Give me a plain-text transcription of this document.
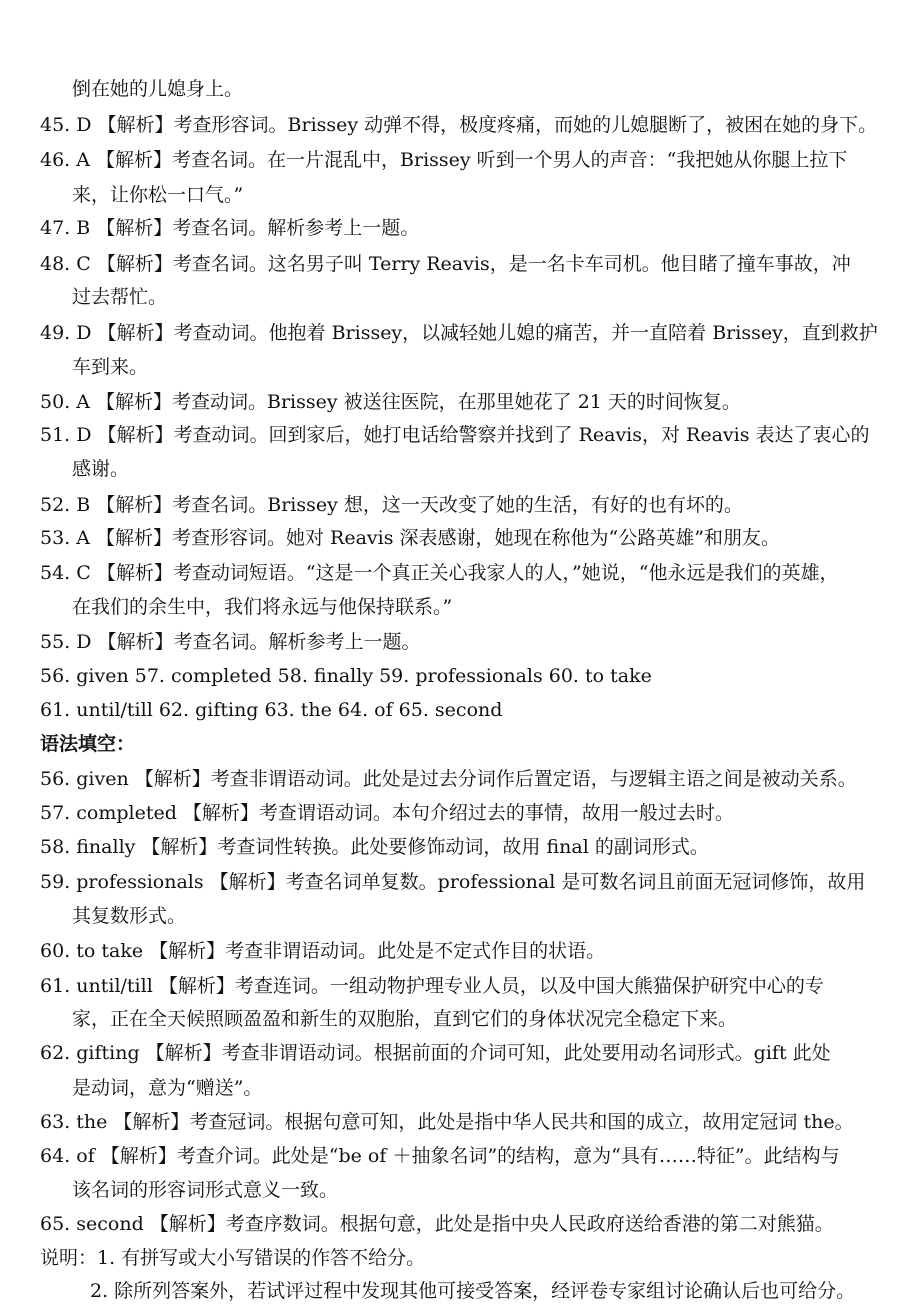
倒在她的儿媳身上。
45. D 【解析】考查形容词。Brissey 动弹不得，极度疼痛，而她的儿媳腿断了，被困在她的身下。
46. A 【解析】考查名词。在一片混乱中，Brissey 听到一个男人的声音：“我把她从你腿上拉下
来，让你松一口气。”
47. B 【解析】考查名词。解析参考上一题。
48. C 【解析】考查名词。这名男子叫 Terry Reavis，是一名卡车司机。他目睹了撞车事故，冲
过去帮忙。
49. D 【解析】考查动词。他抱着 Brissey，以减轻她儿媳的痛苦，并一直陪着 Brissey，直到救护
车到来。
50. A 【解析】考查动词。Brissey 被送往医院，在那里她花了 21 天的时间恢复。
51. D 【解析】考查动词。回到家后，她打电话给警察并找到了 Reavis，对 Reavis 表达了衷心的
感谢。
52. B 【解析】考查名词。Brissey 想，这一天改变了她的生活，有好的也有坏的。
53. A 【解析】考查形容词。她对 Reavis 深表感谢，她现在称他为“公路英雄”和朋友。
54. C 【解析】考查动词短语。“这是一个真正关心我家人的人，”她说，“他永远是我们的英雄，
在我们的余生中，我们将永远与他保持联系。”
55. D 【解析】考查名词。解析参考上一题。
56. given 57. completed 58. finally 59. professionals 60. to take
61. until/till 62. gifting 63. the 64. of 65. second
语法填空：
56. given 【解析】考查非谓语动词。此处是过去分词作后置定语，与逻辑主语之间是被动关系。
57. completed 【解析】考查谓语动词。本句介绍过去的事情，故用一般过去时。
58. finally 【解析】考查词性转换。此处要修饰动词，故用 final 的副词形式。
59. professionals 【解析】考查名词单复数。professional 是可数名词且前面无冠词修饰，故用
其复数形式。
60. to take 【解析】考查非谓语动词。此处是不定式作目的状语。
61. until/till 【解析】考查连词。一组动物护理专业人员，以及中国大熊猫保护研究中心的专
家，正在全天候照顾盈盈和新生的双胞胎，直到它们的身体状况完全稳定下来。
62. gifting 【解析】考查非谓语动词。根据前面的介词可知，此处要用动名词形式。gift 此处
是动词，意为“赠送”。
63. the 【解析】考查冠词。根据句意可知，此处是指中华人民共和国的成立，故用定冠词 the。
64. of 【解析】考查介词。此处是“be of ＋抽象名词”的结构，意为“具有……特征”。此结构与
该名词的形容词形式意义一致。
65. second 【解析】考查序数词。根据句意，此处是指中央人民政府送给香港的第二对熊猫。
说明：1. 有拼写或大小写错误的作答不给分。
2. 除所列答案外，若试评过程中发现其他可接受答案，经评卷专家组讨论确认后也可给分。
